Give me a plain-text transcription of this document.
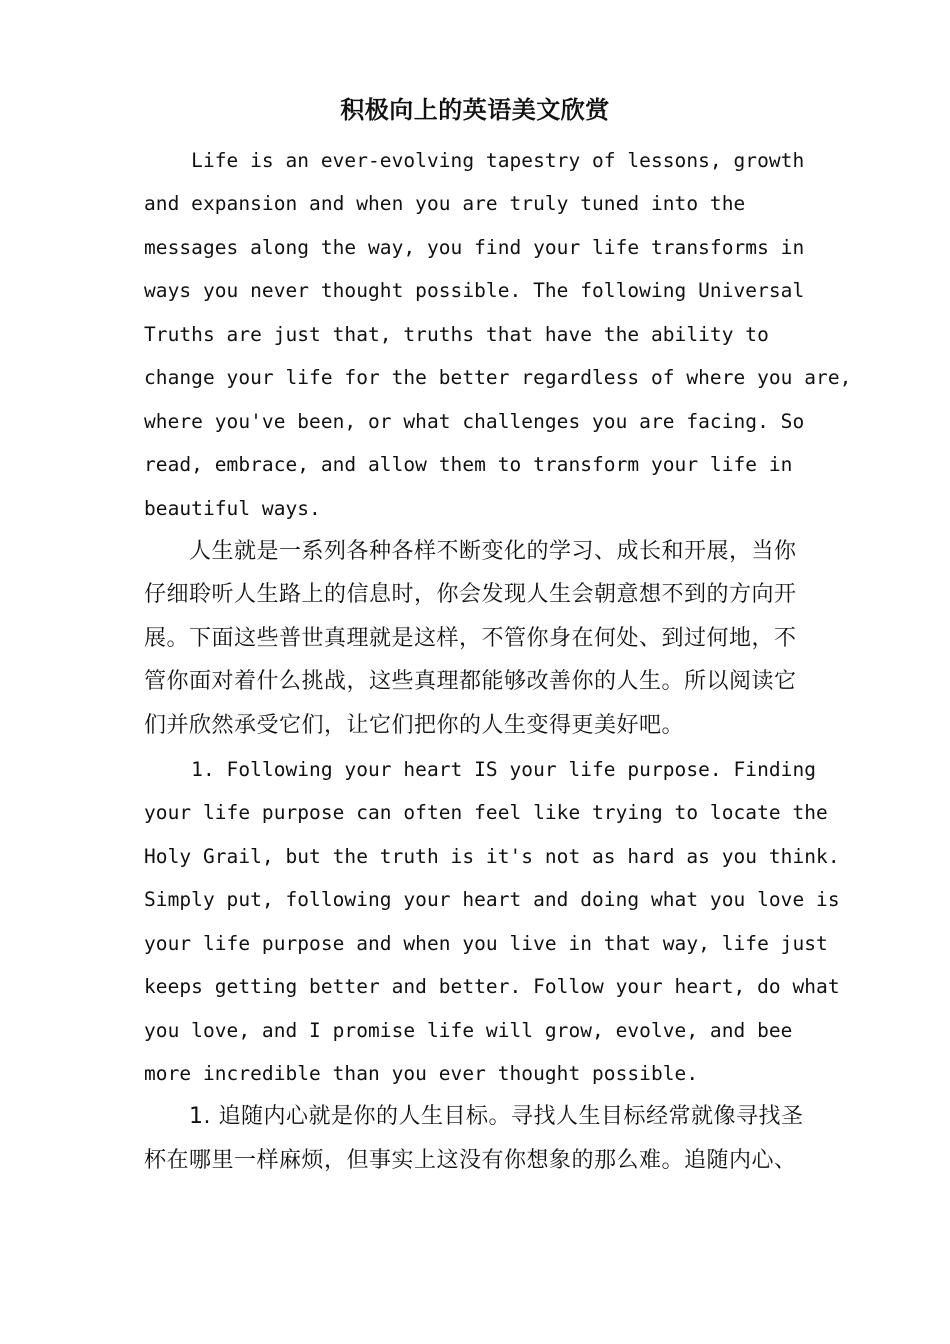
积极向上的英语美文欣赏
Life is an ever-evolving tapestry of lessons, growth
and expansion and when you are truly tuned into the
messages along the way, you find your life transforms in
ways you never thought possible. The following Universal
Truths are just that, truths that have the ability to
change your life for the better regardless of where you are,
where you've been, or what challenges you are facing. So
read, embrace, and allow them to transform your life in
beautiful ways.
　　人生就是一系列各种各样不断变化的学习、成长和开展，当你
仔细聆听人生路上的信息时，你会发现人生会朝意想不到的方向开
展。下面这些普世真理就是这样，不管你身在何处、到过何地，不
管你面对着什么挑战，这些真理都能够改善你的人生。所以阅读它
们并欣然承受它们，让它们把你的人生变得更美好吧。
1. Following your heart IS your life purpose. Finding
your life purpose can often feel like trying to locate the
Holy Grail, but the truth is it's not as hard as you think.
Simply put, following your heart and doing what you love is
your life purpose and when you live in that way, life just
keeps getting better and better. Follow your heart, do what
you love, and I promise life will grow, evolve, and bee
more incredible than you ever thought possible.
　　1. 追随内心就是你的人生目标。寻找人生目标经常就像寻找圣
杯在哪里一样麻烦，但事实上这没有你想象的那么难。追随内心、
